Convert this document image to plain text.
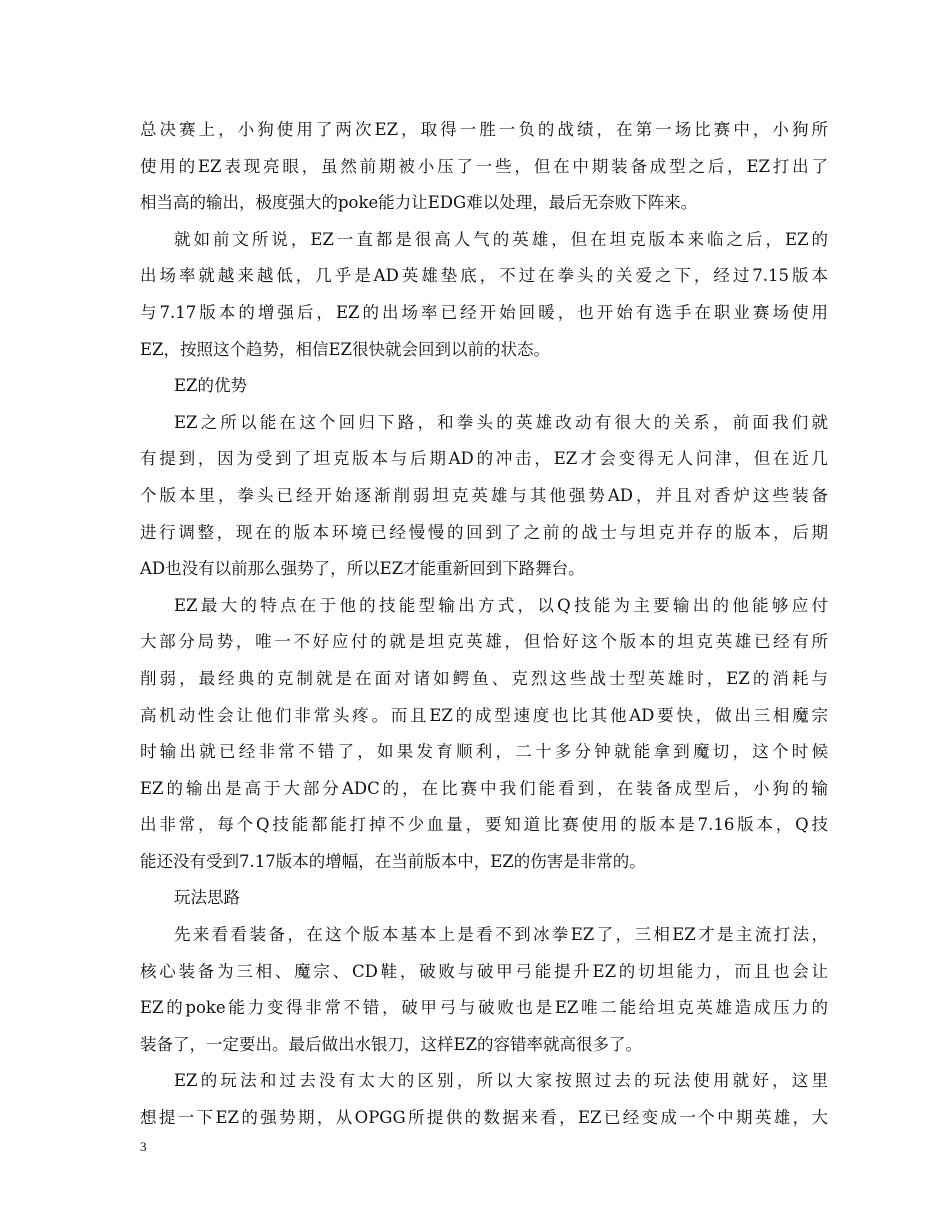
总决赛上，小狗使用了两次EZ，取得一胜一负的战绩，在第一场比赛中，小狗所
使用的EZ表现亮眼，虽然前期被小压了一些，但在中期装备成型之后，EZ打出了
相当高的输出，极度强大的poke能力让EDG难以处理，最后无奈败下阵来。
就如前文所说，EZ一直都是很高人气的英雄，但在坦克版本来临之后，EZ的
出场率就越来越低，几乎是AD英雄垫底，不过在拳头的关爱之下，经过7.15版本
与7.17版本的增强后，EZ的出场率已经开始回暖，也开始有选手在职业赛场使用
EZ，按照这个趋势，相信EZ很快就会回到以前的状态。
EZ的优势
EZ之所以能在这个回归下路，和拳头的英雄改动有很大的关系，前面我们就
有提到，因为受到了坦克版本与后期AD的冲击，EZ才会变得无人问津，但在近几
个版本里，拳头已经开始逐渐削弱坦克英雄与其他强势AD，并且对香炉这些装备
进行调整，现在的版本环境已经慢慢的回到了之前的战士与坦克并存的版本，后期
AD也没有以前那么强势了，所以EZ才能重新回到下路舞台。
EZ最大的特点在于他的技能型输出方式，以Q技能为主要输出的他能够应付
大部分局势，唯一不好应付的就是坦克英雄，但恰好这个版本的坦克英雄已经有所
削弱，最经典的克制就是在面对诸如鳄鱼、克烈这些战士型英雄时，EZ的消耗与
高机动性会让他们非常头疼。而且EZ的成型速度也比其他AD要快，做出三相魔宗
时输出就已经非常不错了，如果发育顺利，二十多分钟就能拿到魔切，这个时候
EZ的输出是高于大部分ADC的，在比赛中我们能看到，在装备成型后，小狗的输
出非常，每个Q技能都能打掉不少血量，要知道比赛使用的版本是7.16版本，Q技
能还没有受到7.17版本的增幅，在当前版本中，EZ的伤害是非常的。
玩法思路
先来看看装备，在这个版本基本上是看不到冰拳EZ了，三相EZ才是主流打法，
核心装备为三相、魔宗、CD鞋，破败与破甲弓能提升EZ的切坦能力，而且也会让
EZ的poke能力变得非常不错，破甲弓与破败也是EZ唯二能给坦克英雄造成压力的
装备了，一定要出。最后做出水银刀，这样EZ的容错率就高很多了。
EZ的玩法和过去没有太大的区别，所以大家按照过去的玩法使用就好，这里
想提一下EZ的强势期，从OPGG所提供的数据来看，EZ已经变成一个中期英雄，大
3
